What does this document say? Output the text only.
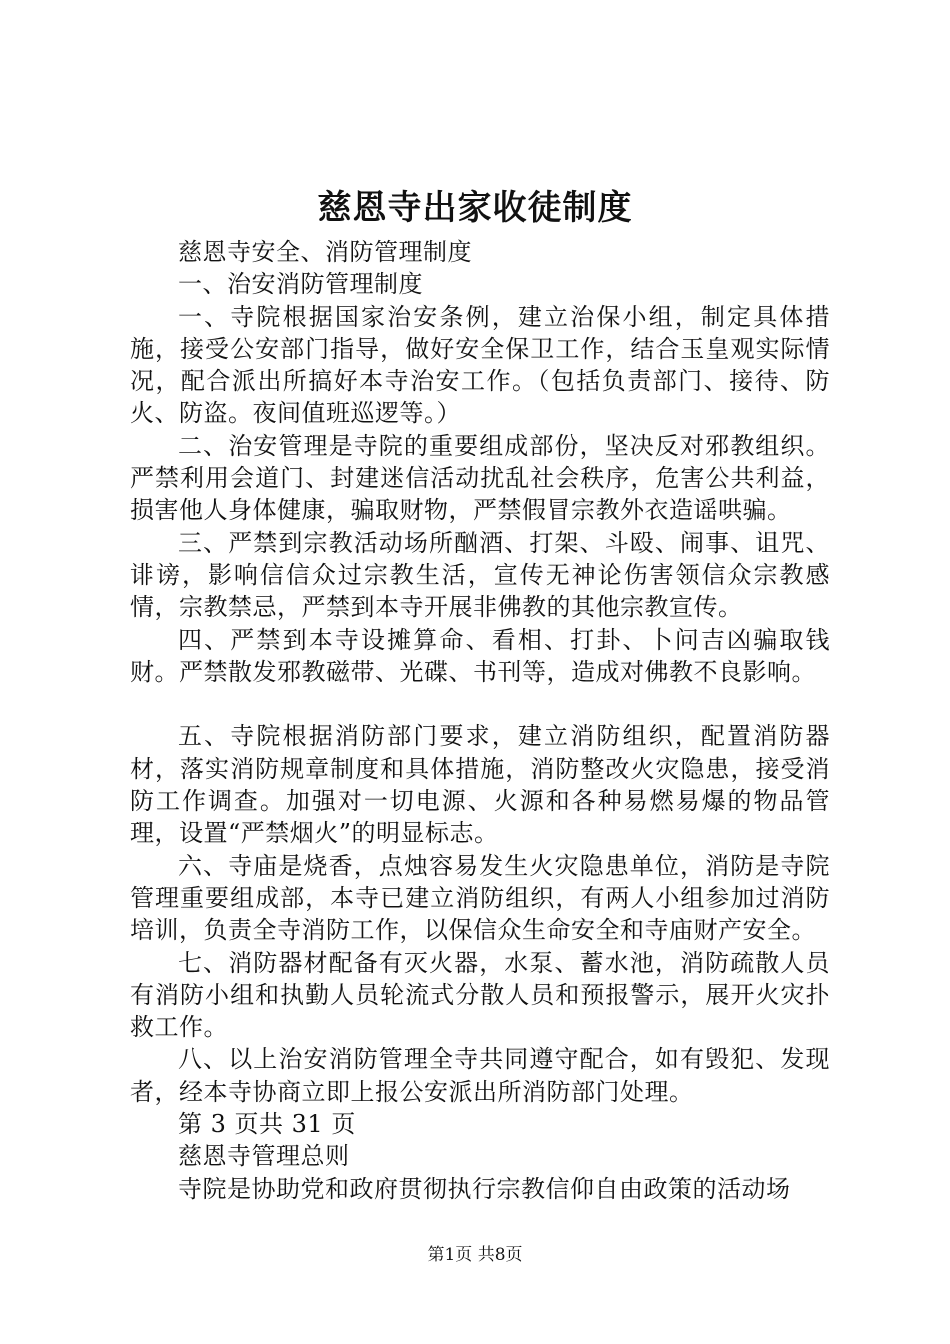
慈恩寺出家收徒制度

慈恩寺安全、消防管理制度

一、治安消防管理制度

一、寺院根据国家治安条例，建立治保小组，制定具体措施，接受公安部门指导，做好安全保卫工作，结合玉皇观实际情况，配合派出所搞好本寺治安工作。（包括负责部门、接待、防火、防盗。夜间值班巡逻等。）

二、治安管理是寺院的重要组成部份，坚决反对邪教组织。严禁利用会道门、封建迷信活动扰乱社会秩序，危害公共利益，损害他人身体健康，骗取财物，严禁假冒宗教外衣造谣哄骗。

三、严禁到宗教活动场所酗酒、打架、斗殴、闹事、诅咒、诽谤，影响信信众过宗教生活，宣传无神论伤害领信众宗教感情，宗教禁忌，严禁到本寺开展非佛教的其他宗教宣传。

四、严禁到本寺设摊算命、看相、打卦、卜问吉凶骗取钱财。严禁散发邪教磁带、光碟、书刊等，造成对佛教不良影响。

五、寺院根据消防部门要求，建立消防组织，配置消防器材，落实消防规章制度和具体措施，消防整改火灾隐患，接受消防工作调查。加强对一切电源、火源和各种易燃易爆的物品管理，设置“严禁烟火”的明显标志。

六、寺庙是烧香，点烛容易发生火灾隐患单位，消防是寺院管理重要组成部，本寺已建立消防组织，有两人小组参加过消防培训，负责全寺消防工作，以保信众生命安全和寺庙财产安全。

七、消防器材配备有灭火器，水泵、蓄水池，消防疏散人员有消防小组和执勤人员轮流式分散人员和预报警示，展开火灾扑救工作。

八、以上治安消防管理全寺共同遵守配合，如有毁犯、发现者，经本寺协商立即上报公安派出所消防部门处理。

第 3 页共 31 页

慈恩寺管理总则

寺院是协助党和政府贯彻执行宗教信仰自由政策的活动场

第1页 共8页
